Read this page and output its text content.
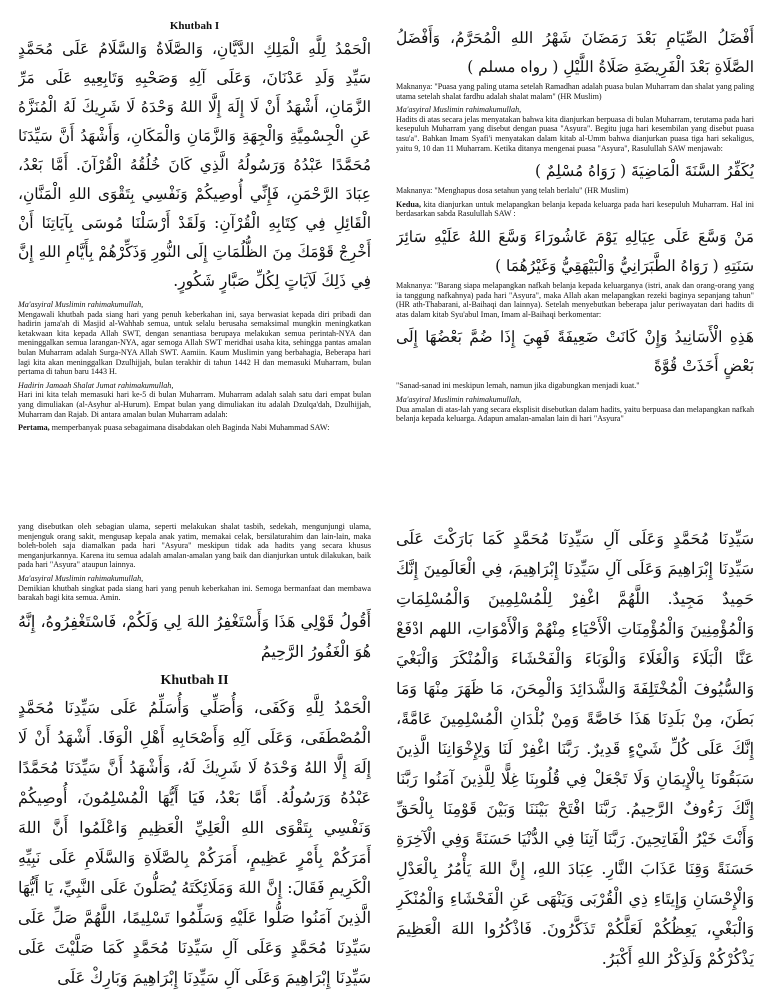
Khutbah I

الْحَمْدُ لِلَّهِ الْمَلِكِ الدَّيَّانِ، وَالصَّلَاةُ وَالسَّلَامُ عَلَى مُحَمَّدٍ سَيِّدِ وَلَدِ عَدْنَانَ، وَعَلَى آلِهِ وَصَحْبِهِ وَتَابِعِيهِ عَلَى مَرِّ الزَّمَانِ، أَشْهَدُ أَنْ لَا إِلَهَ إِلَّا اللهُ وَحْدَهُ لَا شَرِيكَ لَهُ الْمُنَزَّهُ عَنِ الْجِسْمِيَّةِ وَالْجِهَةِ وَالزَّمَانِ وَالْمَكَانِ، وَأَشْهَدُ أَنَّ سَيِّدَنَا مُحَمَّدًا عَبْدُهُ وَرَسُولُهُ الَّذِي كَانَ خُلُقُهُ الْقُرْآنَ. أَمَّا بَعْدُ، عِبَادَ الرَّحْمَنِ، فَإِنِّي أُوصِيكُمْ وَنَفْسِي بِتَقْوَى اللهِ الْمَنَّانِ، الْقَائِلِ فِي كِتَابِهِ الْقُرْآنِ: وَلَقَدْ أَرْسَلْنَا مُوسَى بِآيَاتِنَا أَنْ أَخْرِجْ قَوْمَكَ مِنَ الظُّلُمَاتِ إِلَى النُّورِ وَذَكِّرْهُمْ بِأَيَّامِ اللهِ إِنَّ فِي ذَلِكَ لَآيَاتٍ لِكُلِّ صَبَّارٍ شَكُورٍ.

Ma'asyiral Muslimin rahimakumullah,

Mengawali khutbah pada siang hari yang penuh keberkahan ini, saya berwasiat kepada diri pribadi dan hadirin jama'ah di Masjid al-Wahhab semua, untuk selalu berusaha semaksimal mungkin meningkatkan ketakwaan kita kepada Allah SWT, dengan senantiasa berupaya melakukan semua perintah-NYA dan meninggalkan semua larangan-NYA, agar semoga Allah SWT meridhai usaha kita, sehingga pantas amalan bulan Muharram adalah Surga-NYA Allah SWT. Aamiin. Kaum Muslimin yang berbahagia, Beberapa hari lagi kita akan meninggalkan Dzulhijjah, bulan terakhir di tahun 1442 H dan memasuki Muharram, bulan pertama di tahun baru 1443 H.

Hadirin Jamaah Shalat Jumat rahimakumullah,

Hari ini kita telah memasuki hari ke-5 di bulan Muharram. Muharram adalah salah satu dari empat bulan yang dimuliakan (al-Asyhur al-Hurum). Empat bulan yang dimuliakan itu adalah Dzulqa'dah, Dzulhijjah, Muharram dan Rajab. Di antara amalan bulan Muharram adalah:

Pertama, memperbanyak puasa sebagaimana disabdakan oleh Baginda Nabi Muhammad SAW:

أَفْضَلُ الصِّيَامِ بَعْدَ رَمَضَانَ شَهْرُ اللهِ الْمُحَرَّمُ، وَأَفْضَلُ الصَّلَاةِ بَعْدَ الْفَرِيضَةِ صَلَاةُ اللَّيْلِ ( رواه مسلم )

Maknanya: "Puasa yang paling utama setelah Ramadhan adalah puasa bulan Muharram dan shalat yang paling utama setelah shalat fardhu adalah shalat malam" (HR Muslim)

Ma'asyiral Muslimin rahimakumullah,

Hadits di atas secara jelas menyatakan bahwa kita dianjurkan berpuasa di bulan Muharram, terutama pada hari kesepuluh Muharram yang disebut dengan puasa "Asyura". Begitu juga hari kesembilan yang disebut puasa tasu'a". Bahkan Imam Syafi'i menyatakan dalam kitab al-Umm bahwa dianjurkan puasa tiga hari sekaligus, yaitu 9, 10 dan 11 Muharram. Ketika ditanya mengenai puasa "Asyura", Rasulullah SAW menjawab:

يُكَفِّرُ السَّنَةَ الْمَاضِيَةَ ( رَوَاهُ مُسْلِمٌ )

Maknanya: "Menghapus dosa setahun yang telah berlalu" (HR Muslim)

Kedua, kita dianjurkan untuk melapangkan belanja kepada keluarga pada hari kesepuluh Muharram. Hal ini berdasarkan sabda Rasulullah SAW :

مَنْ وَسَّعَ عَلَى عِيَالِهِ يَوْمَ عَاشُورَاءَ وَسَّعَ اللهُ عَلَيْهِ سَائِرَ سَنَتِهِ ( رَوَاهُ الطَّبَرَانِيُّ وَالْبَيْهَقِيُّ وَغَيْرُهُمَا )

Maknanya: "Barang siapa melapangkan nafkah belanja kepada keluarganya (istri, anak dan orang-orang yang ia tanggung nafkahnya) pada hari "Asyura", maka Allah akan melapangkan rezeki baginya sepanjang tahun" (HR ath-Thabarani, al-Baihaqi dan lainnya). Setelah menyebutkan beberapa jalur periwayatan dari hadits di atas dalam kitab Syu'abul Iman, Imam al-Baihaqi berkomentar:

هَذِهِ الْأَسَانِيدُ وَإِنْ كَانَتْ ضَعِيفَةً فَهِيَ إِذَا ضُمَّ بَعْضُهَا إِلَى بَعْضٍ أَخَذَتْ قُوَّةً

"Sanad-sanad ini meskipun lemah, namun jika digabungkan menjadi kuat."

Ma'asyiral Muslimin rahimakumullah,

Dua amalan di atas-lah yang secara eksplisit disebutkan dalam hadits, yaitu berpuasa dan melapangkan nafkah belanja kepada keluarga. Adapun amalan-amalan lain di hari "Asyura"

yang disebutkan oleh sebagian ulama, seperti melakukan shalat tasbih, sedekah, mengunjungi ulama, menjenguk orang sakit, mengusap kepala anak yatim, memakai celak, bersilaturahim dan lain-lain, maka boleh-boleh saja diamalkan pada hari "Asyura" meskipun tidak ada hadits yang secara khusus menganjurkannya. Karena itu semua adalah amalan-amalan yang baik dan dianjurkan untuk dilakukan, baik pada hari "Asyura" ataupun lainnya.

Ma'asyiral Muslimin rahimakumullah,

Demikian khutbah singkat pada siang hari yang penuh keberkahan ini. Semoga bermanfaat dan membawa barakah bagi kita semua. Amin.

أَقُولُ قَوْلِي هَذَا وَأَسْتَغْفِرُ اللهَ لِي وَلَكُمْ، فَاسْتَغْفِرُوهُ، إِنَّهُ هُوَ الْغَفُورُ الرَّحِيمُ

Khutbah II

الْحَمْدُ لِلَّهِ وَكَفَى، وَأُصَلِّي وَأُسَلِّمُ عَلَى سَيِّدِنَا مُحَمَّدٍ الْمُصْطَفَى، وَعَلَى آلِهِ وَأَصْحَابِهِ أَهْلِ الْوَفَا. أَشْهَدُ أَنْ لَا إِلَهَ إِلَّا اللهُ وَحْدَهُ لَا شَرِيكَ لَهُ، وَأَشْهَدُ أَنَّ سَيِّدَنَا مُحَمَّدًا عَبْدُهُ وَرَسُولُهُ. أَمَّا بَعْدُ، فَيَا أَيُّهَا الْمُسْلِمُونَ، أُوصِيكُمْ وَنَفْسِي بِتَقْوَى اللهِ الْعَلِيِّ الْعَظِيمِ وَاعْلَمُوا أَنَّ اللهَ أَمَرَكُمْ بِأَمْرٍ عَظِيمٍ، أَمَرَكُمْ بِالصَّلَاةِ وَالسَّلَامِ عَلَى نَبِيِّهِ الْكَرِيمِ فَقَالَ: إِنَّ اللهَ وَمَلَائِكَتَهُ يُصَلُّونَ عَلَى النَّبِيِّ، يَا أَيُّهَا الَّذِينَ آمَنُوا صَلُّوا عَلَيْهِ وَسَلِّمُوا تَسْلِيمًا، اللَّهُمَّ صَلِّ عَلَى سَيِّدِنَا مُحَمَّدٍ وَعَلَى آلِ سَيِّدِنَا مُحَمَّدٍ كَمَا صَلَّيْتَ عَلَى سَيِّدِنَا إِبْرَاهِيمَ وَعَلَى آلِ سَيِّدِنَا إِبْرَاهِيمَ وَبَارِكْ عَلَى

سَيِّدِنَا مُحَمَّدٍ وَعَلَى آلِ سَيِّدِنَا مُحَمَّدٍ كَمَا بَارَكْتَ عَلَى سَيِّدِنَا إِبْرَاهِيمَ وَعَلَى آلِ سَيِّدِنَا إِبْرَاهِيمَ، فِي الْعَالَمِينَ إِنَّكَ حَمِيدٌ مَجِيدٌ. اللَّهُمَّ اغْفِرْ لِلْمُسْلِمِينَ وَالْمُسْلِمَاتِ وَالْمُؤْمِنِينَ وَالْمُؤْمِنَاتِ الْأَحْيَاءِ مِنْهُمْ وَالْأَمْوَاتِ، اللهم ادْفَعْ عَنَّا الْبَلَاءَ وَالْغَلَاءَ وَالْوَبَاءَ وَالْفَحْشَاءَ وَالْمُنْكَرَ وَالْبَغْيَ وَالسُّيُوفَ الْمُخْتَلِفَةَ وَالشَّدَائِدَ وَالْمِحَنَ، مَا ظَهَرَ مِنْهَا وَمَا بَطَنَ، مِنْ بَلَدِنَا هَذَا خَاصَّةً وَمِنْ بُلْدَانِ الْمُسْلِمِينَ عَامَّةً، إِنَّكَ عَلَى كُلِّ شَيْءٍ قَدِيرٌ. رَبَّنَا اغْفِرْ لَنَا وَلِإِخْوَانِنَا الَّذِينَ سَبَقُونَا بِالْإِيمَانِ وَلَا تَجْعَلْ فِي قُلُوبِنَا غِلًّا لِلَّذِينَ آمَنُوا رَبَّنَا إِنَّكَ رَءُوفٌ الرَّحِيمُ. رَبَّنَا افْتَحْ بَيْنَنَا وَبَيْنَ قَوْمِنَا بِالْحَقِّ وَأَنْتَ خَيْرُ الْفَاتِحِينَ. رَبَّنَا آتِنَا فِي الدُّنْيَا حَسَنَةً وَفِي الْآخِرَةِ حَسَنَةً وَقِنَا عَذَابَ النَّارِ. عِبَادَ اللهِ، إِنَّ اللهَ يَأْمُرُ بِالْعَدْلِ وَالْإِحْسَانِ وَإِيتَاءِ ذِي الْقُرْبَى وَيَنْهَى عَنِ الْفَحْشَاءِ وَالْمُنْكَرِ وَالْبَغْيِ، يَعِظُكُمْ لَعَلَّكُمْ تَذَكَّرُونَ. فَاذْكُرُوا اللهَ الْعَظِيمَ يَذْكُرْكُمْ وَلَذِكْرُ اللهِ أَكْبَرُ.
